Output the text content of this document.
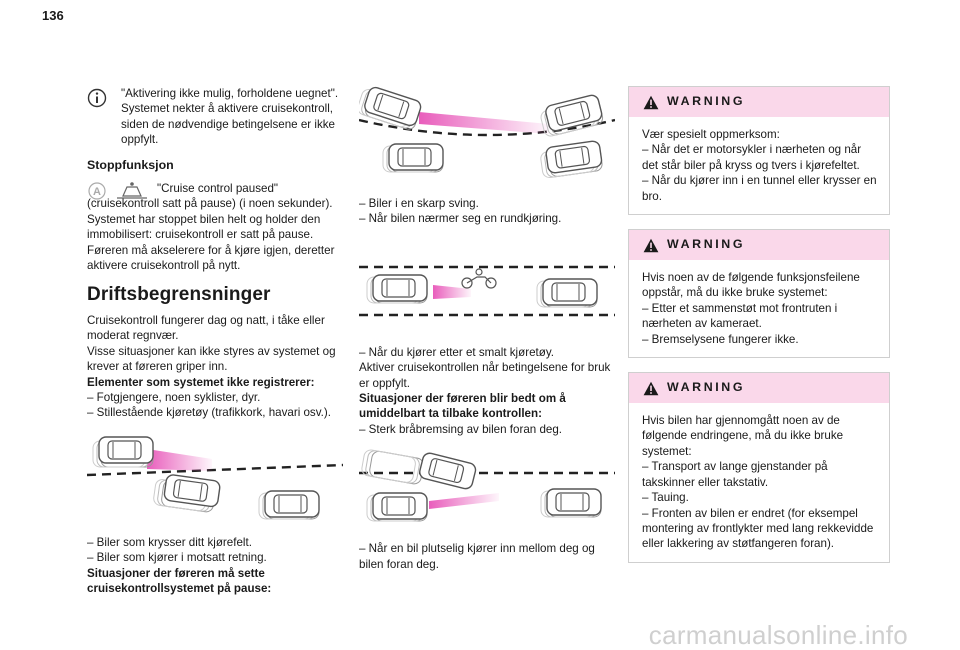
136

"Aktivering ikke mulig, forholdene uegnet". Systemet nekter å aktivere cruisekontroll, siden de nødvendige betingelsene er ikke oppfylt.

Stoppfunksjon
A	"Cruise control paused" (cruisekontroll satt på pause) (i noen sekunder).

Systemet har stoppet bilen helt og holder den immobilisert: cruisekontroll er satt på pause.

Føreren må akselerere for å kjøre igjen, deretter aktivere cruisekontroll på nytt.

Driftsbegrensninger

Cruisekontroll fungerer dag og natt, i tåke eller moderat regnvær.

Visse situasjoner kan ikke styres av systemet og krever at føreren griper inn.

Elementer som systemet ikke registrerer:

– Fotgjengere, noen syklister, dyr.

– Stillestående kjøretøy (trafikkork, havari osv.).

– Biler som krysser ditt kjørefelt.

– Biler som kjører i motsatt retning.

Situasjoner der føreren må sette cruisekontrollsystemet på pause:

– Biler i en skarp sving.

– Når bilen nærmer seg en rundkjøring.

– Når du kjører etter et smalt kjøretøy.

Aktiver cruisekontrollen når betingelsene for bruk er oppfylt.

Situasjoner der føreren blir bedt om å umiddelbart ta tilbake kontrollen:

– Sterk bråbremsing av bilen foran deg.

– Når en bil plutselig kjører inn mellom deg og bilen foran deg.

WARNING

Vær spesielt oppmerksom:

– Når det er motorsykler i nærheten og når det står biler på kryss og tvers i kjørefeltet.

– Når du kjører inn i en tunnel eller krysser en bro.

WARNING

Hvis noen av de følgende funksjonsfeilene oppstår, må du ikke bruke systemet:

– Etter et sammenstøt mot frontruten i nærheten av kameraet.

– Bremselysene fungerer ikke.

WARNING

Hvis bilen har gjennomgått noen av de følgende endringene, må du ikke bruke systemet:

– Transport av lange gjenstander på takskinner eller takstativ.

– Tauing.

– Fronten av bilen er endret (for eksempel montering av frontlykter med lang rekkevidde eller lakkering av støtfangeren foran).

carmanualsonline.info
